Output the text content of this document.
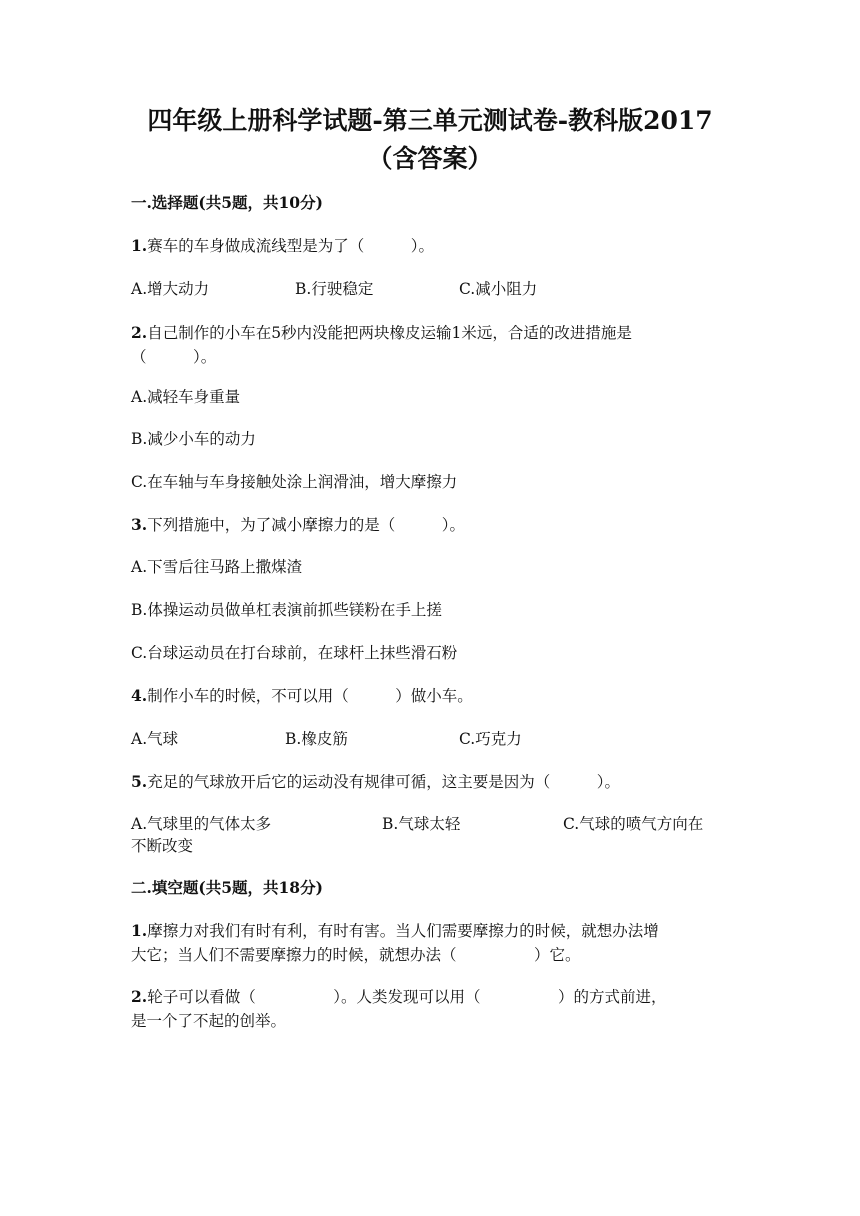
四年级上册科学试题-第三单元测试卷-教科版2017
（含答案）
一.选择题(共5题，共10分)
1.赛车的车身做成流线型是为了（　　　）。
A.增大动力	B.行驶稳定	C.减小阻力
2.自己制作的小车在5秒内没能把两块橡皮运输1米远，合适的改进措施是
（　　　）。
A.减轻车身重量
B.减少小车的动力
C.在车轴与车身接触处涂上润滑油，增大摩擦力
3.下列措施中，为了减小摩擦力的是（　　　）。
A.下雪后往马路上撒煤渣
B.体操运动员做单杠表演前抓些镁粉在手上搓
C.台球运动员在打台球前，在球杆上抹些滑石粉
4.制作小车的时候，不可以用（　　　）做小车。
A.气球	B.橡皮筋	C.巧克力
5.充足的气球放开后它的运动没有规律可循，这主要是因为（　　　）。
A.气球里的气体太多	B.气球太轻	C.气球的喷气方向在
不断改变
二.填空题(共5题，共18分)
1.摩擦力对我们有时有利，有时有害。当人们需要摩擦力的时候，就想办法增
大它；当人们不需要摩擦力的时候，就想办法（　　　　　）它。
2.轮子可以看做（　　　　　）。人类发现可以用（　　　　　）的方式前进，
是一个了不起的创举。
